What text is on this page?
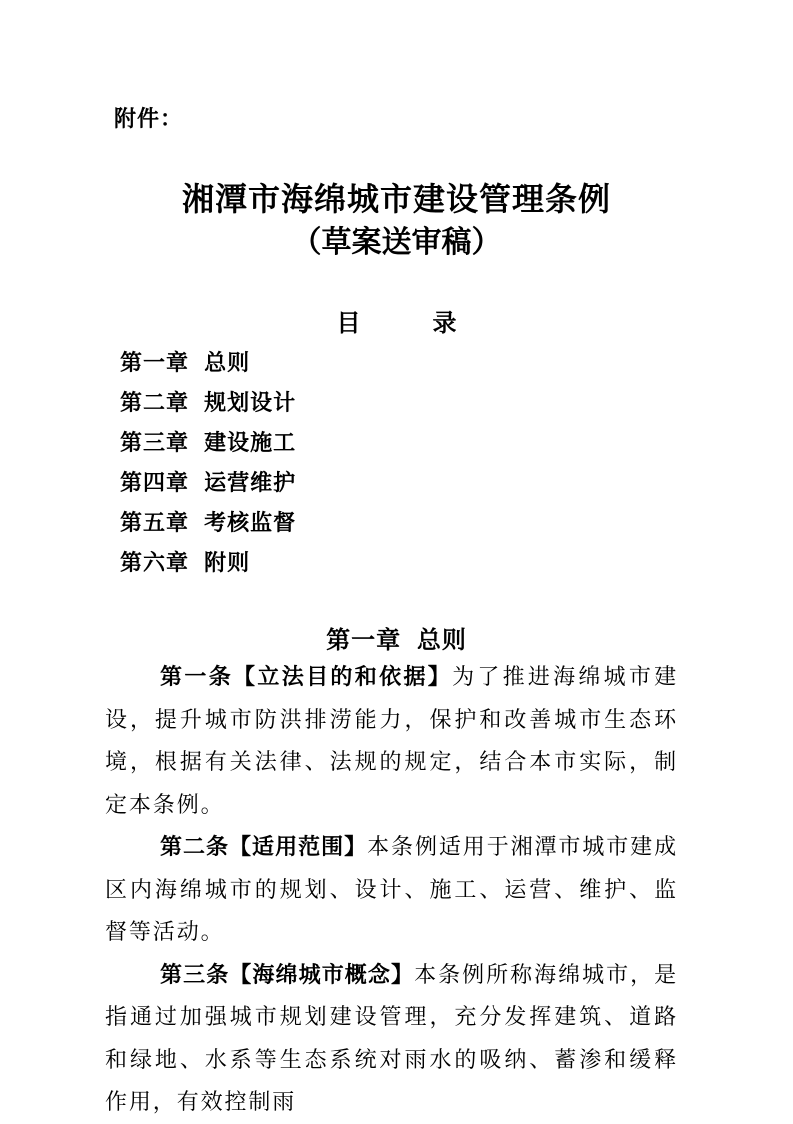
附件：
湘潭市海绵城市建设管理条例
（草案送审稿）
目	录
第一章 总则
第二章 规划设计
第三章 建设施工
第四章 运营维护
第五章 考核监督
第六章 附则
第一章 总则

第一条【立法目的和依据】为了推进海绵城市建设，提升城市防洪排涝能力，保护和改善城市生态环境，根据有关法律、法规的规定，结合本市实际，制定本条例。

第二条【适用范围】本条例适用于湘潭市城市建成区内海绵城市的规划、设计、施工、运营、维护、监督等活动。

第三条【海绵城市概念】本条例所称海绵城市，是指通过加强城市规划建设管理，充分发挥建筑、道路和绿地、水系等生态系统对雨水的吸纳、蓄渗和缓释作用，有效控制雨
